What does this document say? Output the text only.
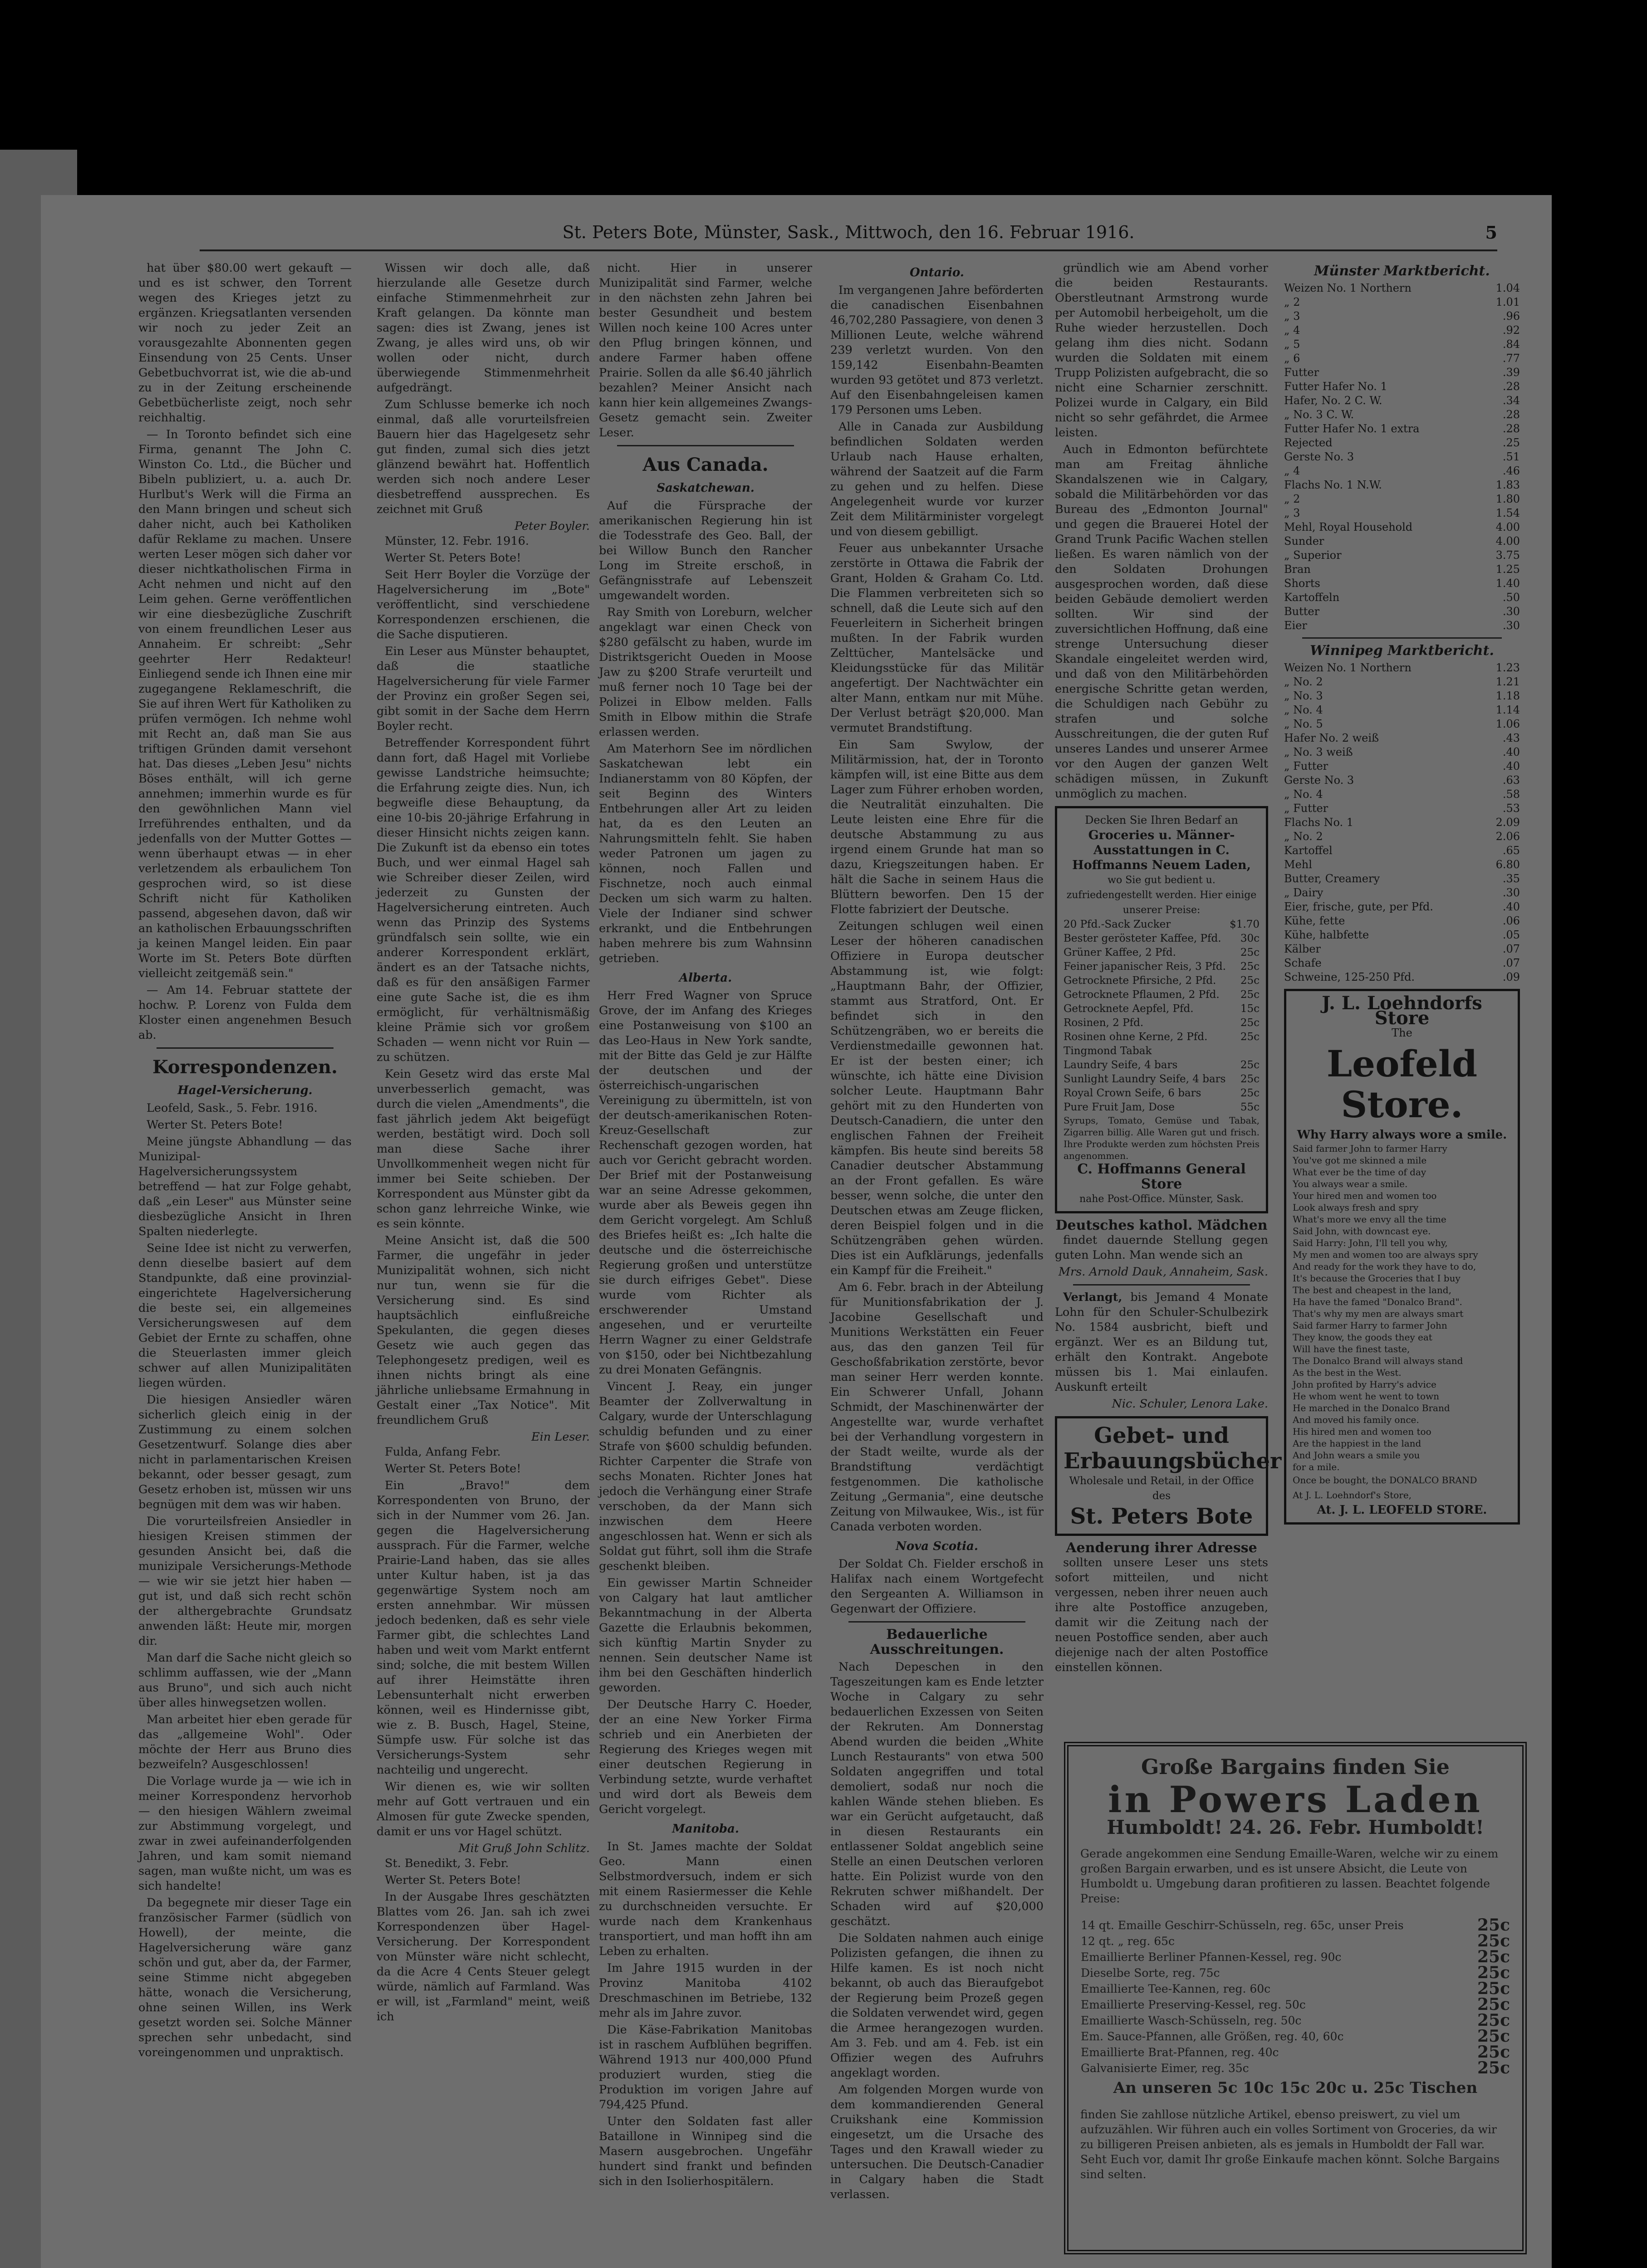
St. Peters Bote, Münster, Sask., Mittwoch, den 16. Februar 1916.	5

hat über $80.00 wert gekauft — und es ist schwer, den Torrent wegen des Krieges jetzt zu ergänzen. Kriegsatlanten versenden wir noch zu jeder Zeit an vorausgezahlte Abonnenten gegen Einsendung von 25 Cents. Unser Gebetbuchvorrat ist, wie die ab-und zu in der Zeitung erscheinende Gebetbücherliste zeigt, noch sehr reichhaltig.

— In Toronto befindet sich eine Firma, genannt The John C. Winston Co. Ltd., die Bücher und Bibeln publiziert, u. a. auch Dr. Hurlbut's Werk will die Firma an den Mann bringen und scheut sich daher nicht, auch bei Katholiken dafür Reklame zu machen. Unsere werten Leser mögen sich daher vor dieser nichtkatholischen Firma in Acht nehmen und nicht auf den Leim gehen. Gerne veröffentlichen wir eine diesbezügliche Zuschrift von einem freundlichen Leser aus Annaheim. Er schreibt: „Sehr geehrter Herr Redakteur! Einliegend sende ich Ihnen eine mir zugegangene Reklameschrift, die Sie auf ihren Wert für Katholiken zu prüfen vermögen. Ich nehme wohl mit Recht an, daß man Sie aus triftigen Gründen damit versehont hat. Das dieses „Leben Jesu" nichts Böses enthält, will ich gerne annehmen; immerhin wurde es für den gewöhnlichen Mann viel Irreführendes enthalten, und da jedenfalls von der Mutter Gottes — wenn überhaupt etwas — in eher verletzendem als erbaulichem Ton gesprochen wird, so ist diese Schrift nicht für Katholiken passend, abgesehen davon, daß wir an katholischen Erbauungsschriften ja keinen Mangel leiden. Ein paar Worte im St. Peters Bote dürften vielleicht zeitgemäß sein."

— Am 14. Februar stattete der hochw. P. Lorenz von Fulda dem Kloster einen angenehmen Besuch ab.

Korrespondenzen.
Hagel-Versicherung.

Leofeld, Sask., 5. Febr. 1916.

Werter St. Peters Bote!

Meine jüngste Abhandlung — das Munizipal-Hagelversicherungssystem betreffend — hat zur Folge gehabt, daß „ein Leser" aus Münster seine diesbezügliche Ansicht in Ihren Spalten niederlegte.

Seine Idee ist nicht zu verwerfen, denn dieselbe basiert auf dem Standpunkte, daß eine provinzial-eingerichtete Hagelversicherung die beste sei, ein allgemeines Versicherungswesen auf dem Gebiet der Ernte zu schaffen, ohne die Steuerlasten immer gleich schwer auf allen Munizipalitäten liegen würden.

Die hiesigen Ansiedler wären sicherlich gleich einig in der Zustimmung zu einem solchen Gesetzentwurf. Solange dies aber nicht in parlamentarischen Kreisen bekannt, oder besser gesagt, zum Gesetz erhoben ist, müssen wir uns begnügen mit dem was wir haben.

Die vorurteilsfreien Ansiedler in hiesigen Kreisen stimmen der gesunden Ansicht bei, daß die munizipale Versicherungs-Methode — wie wir sie jetzt hier haben — gut ist, und daß sich recht schön der althergebrachte Grundsatz anwenden läßt: Heute mir, morgen dir.

Man darf die Sache nicht gleich so schlimm auffassen, wie der „Mann aus Bruno", und sich auch nicht über alles hinwegsetzen wollen.

Man arbeitet hier eben gerade für das „allgemeine Wohl". Oder möchte der Herr aus Bruno dies bezweifeln? Ausgeschlossen!

Die Vorlage wurde ja — wie ich in meiner Korrespondenz hervorhob — den hiesigen Wählern zweimal zur Abstimmung vorgelegt, und zwar in zwei aufeinanderfolgenden Jahren, und kam somit niemand sagen, man wußte nicht, um was es sich handelte!

Da begegnete mir dieser Tage ein französischer Farmer (südlich von Howell), der meinte, die Hagelversicherung wäre ganz schön und gut, aber da, der Farmer, seine Stimme nicht abgegeben hätte, wonach die Versicherung, ohne seinen Willen, ins Werk gesetzt worden sei. Solche Männer sprechen sehr unbedacht, sind voreingenommen und unpraktisch.

Wissen wir doch alle, daß hierzulande alle Gesetze durch einfache Stimmenmehrheit zur Kraft gelangen. Da könnte man sagen: dies ist Zwang, jenes ist Zwang, je alles wird uns, ob wir wollen oder nicht, durch überwiegende Stimmenmehrheit aufgedrängt.

Zum Schlusse bemerke ich noch einmal, daß alle vorurteilsfreien Bauern hier das Hagelgesetz sehr gut finden, zumal sich dies jetzt glänzend bewährt hat. Hoffentlich werden sich noch andere Leser diesbetreffend aussprechen. Es zeichnet mit Gruß

Peter Boyler.

Münster, 12. Febr. 1916.

Werter St. Peters Bote!

Seit Herr Boyler die Vorzüge der Hagelversicherung im „Bote" veröffentlicht, sind verschiedene Korrespondenzen erschienen, die die Sache disputieren.

Ein Leser aus Münster behauptet, daß die staatliche Hagelversicherung für viele Farmer der Provinz ein großer Segen sei, gibt somit in der Sache dem Herrn Boyler recht.

Betreffender Korrespondent führt dann fort, daß Hagel mit Vorliebe gewisse Landstriche heimsuchte; die Erfahrung zeigte dies. Nun, ich begweifle diese Behauptung, da eine 10-bis 20-jährige Erfahrung in dieser Hinsicht nichts zeigen kann. Die Zukunft ist da ebenso ein totes Buch, und wer einmal Hagel sah wie Schreiber dieser Zeilen, wird jederzeit zu Gunsten der Hagelversicherung eintreten. Auch wenn das Prinzip des Systems gründfalsch sein sollte, wie ein anderer Korrespondent erklärt, ändert es an der Tatsache nichts, daß es für den ansäßigen Farmer eine gute Sache ist, die es ihm ermöglicht, für verhältnismäßig kleine Prämie sich vor großem Schaden — wenn nicht vor Ruin — zu schützen.

Kein Gesetz wird das erste Mal unverbesserlich gemacht, was durch die vielen „Amendments", die fast jährlich jedem Akt beigefügt werden, bestätigt wird. Doch soll man diese Sache ihrer Unvollkommenheit wegen nicht für immer bei Seite schieben. Der Korrespondent aus Münster gibt da schon ganz lehrreiche Winke, wie es sein könnte.

Meine Ansicht ist, daß die 500 Farmer, die ungefähr in jeder Munizipalität wohnen, sich nicht nur tun, wenn sie für die Versicherung sind. Es sind hauptsächlich einflußreiche Spekulanten, die gegen dieses Gesetz wie auch gegen das Telephongesetz predigen, weil es ihnen nichts bringt als eine jährliche unliebsame Ermahnung in Gestalt einer „Tax Notice". Mit freundlichem Gruß

Ein Leser.

Fulda, Anfang Febr.

Werter St. Peters Bote!

Ein „Bravo!" dem Korrespondenten von Bruno, der sich in der Nummer vom 26. Jan. gegen die Hagelversicherung aussprach. Für die Farmer, welche Prairie-Land haben, das sie alles unter Kultur haben, ist ja das gegenwärtige System noch am ersten annehmbar. Wir müssen jedoch bedenken, daß es sehr viele Farmer gibt, die schlechtes Land haben und weit vom Markt entfernt sind; solche, die mit bestem Willen auf ihrer Heimstätte ihren Lebensunterhalt nicht erwerben können, weil es Hindernisse gibt, wie z. B. Busch, Hagel, Steine, Sümpfe usw. Für solche ist das Versicherungs-System sehr nachteilig und ungerecht.

Wir dienen es, wie wir sollten mehr auf Gott vertrauen und ein Almosen für gute Zwecke spenden, damit er uns vor Hagel schützt.

Mit Gruß John Schlitz.

St. Benedikt, 3. Febr.

Werter St. Peters Bote!

In der Ausgabe Ihres geschätzten Blattes vom 26. Jan. sah ich zwei Korrespondenzen über Hagel-Versicherung. Der Korrespondent von Münster wäre nicht schlecht, da die Acre 4 Cents Steuer gelegt würde, nämlich auf Farmland. Was er will, ist „Farmland" meint, weiß ich

nicht. Hier in unserer Munizipalität sind Farmer, welche in den nächsten zehn Jahren bei bester Gesundheit und bestem Willen noch keine 100 Acres unter den Pflug bringen können, und andere Farmer haben offene Prairie. Sollen da alle $6.40 jährlich bezahlen? Meiner Ansicht nach kann hier kein allgemeines Zwangs-Gesetz gemacht sein. Zweiter Leser.

Aus Canada.
Saskatchewan.

Auf die Fürsprache der amerikanischen Regierung hin ist die Todesstrafe des Geo. Ball, der bei Willow Bunch den Rancher Long im Streite erschoß, in Gefängnisstrafe auf Lebenszeit umgewandelt worden.

Ray Smith von Loreburn, welcher angeklagt war einen Check von $280 gefälscht zu haben, wurde im Distriktsgericht Oueden in Moose Jaw zu $200 Strafe verurteilt und muß ferner noch 10 Tage bei der Polizei in Elbow melden. Falls Smith in Elbow mithin die Strafe erlassen werden.

Am Materhorn See im nördlichen Saskatchewan lebt ein Indianerstamm von 80 Köpfen, der seit Beginn des Winters Entbehrungen aller Art zu leiden hat, da es den Leuten an Nahrungsmitteln fehlt. Sie haben weder Patronen um jagen zu können, noch Fallen und Fischnetze, noch auch einmal Decken um sich warm zu halten. Viele der Indianer sind schwer erkrankt, und die Entbehrungen haben mehrere bis zum Wahnsinn getrieben.

Alberta.

Herr Fred Wagner von Spruce Grove, der im Anfang des Krieges eine Postanweisung von $100 an das Leo-Haus in New York sandte, mit der Bitte das Geld je zur Hälfte der deutschen und der österreichisch-ungarischen Vereinigung zu übermitteln, ist von der deutsch-amerikanischen Roten-Kreuz-Gesellschaft zur Rechenschaft gezogen worden, hat auch vor Gericht gebracht worden. Der Brief mit der Postanweisung war an seine Adresse gekommen, wurde aber als Beweis gegen ihn dem Gericht vorgelegt. Am Schluß des Briefes heißt es: „Ich halte die deutsche und die österreichische Regierung großen und unterstütze sie durch eifriges Gebet". Diese wurde vom Richter als erschwerender Umstand angesehen, und er verurteilte Herrn Wagner zu einer Geldstrafe von $150, oder bei Nichtbezahlung zu drei Monaten Gefängnis.

Vincent J. Reay, ein junger Beamter der Zollverwaltung in Calgary, wurde der Unterschlagung schuldig befunden und zu einer Strafe von $600 schuldig befunden. Richter Carpenter die Strafe von sechs Monaten. Richter Jones hat jedoch die Verhängung einer Strafe verschoben, da der Mann sich inzwischen dem Heere angeschlossen hat. Wenn er sich als Soldat gut führt, soll ihm die Strafe geschenkt bleiben.

Ein gewisser Martin Schneider von Calgary hat laut amtlicher Bekanntmachung in der Alberta Gazette die Erlaubnis bekommen, sich künftig Martin Snyder zu nennen. Sein deutscher Name ist ihm bei den Geschäften hinderlich geworden.

Der Deutsche Harry C. Hoeder, der an eine New Yorker Firma schrieb und ein Anerbieten der Regierung des Krieges wegen mit einer deutschen Regierung in Verbindung setzte, wurde verhaftet und wird dort als Beweis dem Gericht vorgelegt.

Manitoba.

In St. James machte der Soldat Geo. Mann einen Selbstmordversuch, indem er sich mit einem Rasiermesser die Kehle zu durchschneiden versuchte. Er wurde nach dem Krankenhaus transportiert, und man hofft ihn am Leben zu erhalten.

Im Jahre 1915 wurden in der Provinz Manitoba 4102 Dreschmaschinen im Betriebe, 132 mehr als im Jahre zuvor.

Die Käse-Fabrikation Manitobas ist in raschem Aufblühen begriffen. Während 1913 nur 400,000 Pfund produziert wurden, stieg die Produktion im vorigen Jahre auf 794,425 Pfund.

Unter den Soldaten fast aller Bataillone in Winnipeg sind die Masern ausgebrochen. Ungefähr hundert sind frankt und befinden sich in den Isolierhospitälern.

Ontario.

Im vergangenen Jahre beförderten die canadischen Eisenbahnen 46,702,280 Passagiere, von denen 3 Millionen Leute, welche während 239 verletzt wurden. Von den 159,142 Eisenbahn-Beamten wurden 93 getötet und 873 verletzt. Auf den Eisenbahngeleisen kamen 179 Personen ums Leben.

Alle in Canada zur Ausbildung befindlichen Soldaten werden Urlaub nach Hause erhalten, während der Saatzeit auf die Farm zu gehen und zu helfen. Diese Angelegenheit wurde vor kurzer Zeit dem Militärminister vorgelegt und von diesem gebilligt.

Feuer aus unbekannter Ursache zerstörte in Ottawa die Fabrik der Grant, Holden & Graham Co. Ltd. Die Flammen verbreiteten sich so schnell, daß die Leute sich auf den Feuerleitern in Sicherheit bringen mußten. In der Fabrik wurden Zelttücher, Mantelsäcke und Kleidungsstücke für das Militär angefertigt. Der Nachtwächter ein alter Mann, entkam nur mit Mühe. Der Verlust beträgt $20,000. Man vermutet Brandstiftung.

Ein Sam Swylow, der Militärmission, hat, der in Toronto kämpfen will, ist eine Bitte aus dem Lager zum Führer erhoben worden, die Neutralität einzuhalten. Die Leute leisten eine Ehre für die deutsche Abstammung zu aus irgend einem Grunde hat man so dazu, Kriegszeitungen haben. Er hält die Sache in seinem Haus die Blüttern beworfen. Den 15 der Flotte fabriziert der Deutsche.

Zeitungen schlugen weil einen Leser der höheren canadischen Offiziere in Europa deutscher Abstammung ist, wie folgt: „Hauptmann Bahr, der Offizier, stammt aus Stratford, Ont. Er befindet sich in den Schützengräben, wo er bereits die Verdienstmedaille gewonnen hat. Er ist der besten einer; ich wünschte, ich hätte eine Division solcher Leute. Hauptmann Bahr gehört mit zu den Hunderten von Deutsch-Canadiern, die unter den englischen Fahnen der Freiheit kämpfen. Bis heute sind bereits 58 Canadier deutscher Abstammung an der Front gefallen. Es wäre besser, wenn solche, die unter den Deutschen etwas am Zeuge flicken, deren Beispiel folgen und in die Schützengräben gehen würden. Dies ist ein Aufklärungs, jedenfalls ein Kampf für die Freiheit."

Am 6. Febr. brach in der Abteilung für Munitionsfabrikation der J. Jacobine Gesellschaft und Munitions Werkstätten ein Feuer aus, das den ganzen Teil für Geschoßfabrikation zerstörte, bevor man seiner Herr werden konnte. Ein Schwerer Unfall, Johann Schmidt, der Maschinenwärter der Angestellte war, wurde verhaftet bei der Verhandlung vorgestern in der Stadt weilte, wurde als der Brandstiftung verdächtigt festgenommen. Die katholische Zeitung „Germania", eine deutsche Zeitung von Milwaukee, Wis., ist für Canada verboten worden.

Nova Scotia.

Der Soldat Ch. Fielder erschoß in Halifax nach einem Wortgefecht den Sergeanten A. Williamson in Gegenwart der Offiziere.

Bedauerliche Ausschreitungen.

Nach Depeschen in den Tageszeitungen kam es Ende letzter Woche in Calgary zu sehr bedauerlichen Exzessen von Seiten der Rekruten. Am Donnerstag Abend wurden die beiden „White Lunch Restaurants" von etwa 500 Soldaten angegriffen und total demoliert, sodaß nur noch die kahlen Wände stehen blieben. Es war ein Gerücht aufgetaucht, daß in diesen Restaurants ein entlassener Soldat angeblich seine Stelle an einen Deutschen verloren hatte. Ein Polizist wurde von den Rekruten schwer mißhandelt. Der Schaden wird auf $20,000 geschätzt.

Die Soldaten nahmen auch einige Polizisten gefangen, die ihnen zu Hilfe kamen. Es ist noch nicht bekannt, ob auch das Bieraufgebot der Regierung beim Prozeß gegen die Soldaten verwendet wird, gegen die Armee herangezogen wurden. Am 3. Feb. und am 4. Feb. ist ein Offizier wegen des Aufruhrs angeklagt worden.

Am folgenden Morgen wurde von dem kommandierenden General Cruikshank eine Kommission eingesetzt, um die Ursache des Tages und den Krawall wieder zu untersuchen. Die Deutsch-Canadier in Calgary haben die Stadt verlassen.

gründlich wie am Abend vorher die beiden Restaurants. Oberstleutnant Armstrong wurde per Automobil herbeigeholt, um die Ruhe wieder herzustellen. Doch gelang ihm dies nicht. Sodann wurden die Soldaten mit einem Trupp Polizisten aufgebracht, die so nicht eine Scharnier zerschnitt. Polizei wurde in Calgary, ein Bild nicht so sehr gefährdet, die Armee leisten.

Auch in Edmonton befürchtete man am Freitag ähnliche Skandalszenen wie in Calgary, sobald die Militärbehörden vor das Bureau des „Edmonton Journal" und gegen die Brauerei Hotel der Grand Trunk Pacific Wachen stellen ließen. Es waren nämlich von der den Soldaten Drohungen ausgesprochen worden, daß diese beiden Gebäude demoliert werden sollten. Wir sind der zuversichtlichen Hoffnung, daß eine strenge Untersuchung dieser Skandale eingeleitet werden wird, und daß von den Militärbehörden energische Schritte getan werden, die Schuldigen nach Gebühr zu strafen und solche Ausschreitungen, die der guten Ruf unseres Landes und unserer Armee vor den Augen der ganzen Welt schädigen müssen, in Zukunft unmöglich zu machen.

Decken Sie Ihren Bedarf an
Groceries u. Männer-Ausstattungen in C. Hoffmanns Neuem Laden,
wo Sie gut bedient u. zufriedengestellt werden. Hier einige unserer Preise:
20 Pfd.-Sack Zucker	$1.70
Bester gerösteter Kaffee, Pfd.	30c
Grüner Kaffee, 2 Pfd.	25c
Feiner japanischer Reis, 3 Pfd.	25c
Getrocknete Pfirsiche, 2 Pfd.	25c
Getrocknete Pflaumen, 2 Pfd.	25c
Getrocknete Aepfel, Pfd.	15c
Rosinen, 2 Pfd.	25c
Rosinen ohne Kerne, 2 Pfd.	25c
Tingmond Tabak	
Laundry Seife, 4 bars	25c
Sunlight Laundry Seife, 4 bars	25c
Royal Crown Seife, 6 bars	25c
Pure Fruit Jam, Dose	55c
Syrups, Tomato, Gemüse und Tabak, Zigarren billig. Alle Waren gut und frisch. Ihre Produkte werden zum höchsten Preis angenommen.
C. Hoffmanns General Store
nahe Post-Office. Münster, Sask.
Deutsches kathol. Mädchen

findet dauernde Stellung gegen guten Lohn. Man wende sich an

Mrs. Arnold Dauk, Annaheim, Sask.

Verlangt, bis Jemand 4 Monate Lohn für den Schuler-Schulbezirk No. 1584 ausbricht, bieft und ergänzt. Wer es an Bildung tut, erhält den Kontrakt. Angebote müssen bis 1. Mai einlaufen. Auskunft erteilt

Nic. Schuler, Lenora Lake.
Gebet- und Erbauungsbücher
Wholesale und Retail, in der Office des
St. Peters Bote
Aenderung ihrer Adresse

sollten unsere Leser uns stets sofort mitteilen, und nicht vergessen, neben ihrer neuen auch ihre alte Postoffice anzugeben, damit wir die Zeitung nach der neuen Postoffice senden, aber auch diejenige nach der alten Postoffice einstellen können.

Münster Marktbericht.
Weizen No. 1 Northern	1.04
„ 2	1.01
„ 3	.96
„ 4	.92
„ 5	.84
„ 6	.77
Futter	.39
Futter Hafer No. 1	.28
Hafer, No. 2 C. W.	.34
„ No. 3 C. W.	.28
Futter Hafer No. 1 extra	.28
Rejected	.25
Gerste No. 3	.51
„ 4	.46
Flachs No. 1 N.W.	1.83
„ 2	1.80
„ 3	1.54
Mehl, Royal Household	4.00
Sunder	4.00
„ Superior	3.75
Bran	1.25
Shorts	1.40
Kartoffeln	.50
Butter	.30
Eier	.30
Winnipeg Marktbericht.
Weizen No. 1 Northern	1.23
„ No. 2	1.21
„ No. 3	1.18
„ No. 4	1.14
„ No. 5	1.06
Hafer No. 2 weiß	.43
„ No. 3 weiß	.40
„ Futter	.40
Gerste No. 3	.63
„ No. 4	.58
„ Futter	.53
Flachs No. 1	2.09
„ No. 2	2.06
Kartoffel	.65
Mehl	6.80
Butter, Creamery	.35
„ Dairy	.30
Eier, frische, gute, per Pfd.	.40
Kühe, fette	.06
Kühe, halbfette	.05
Kälber	.07
Schafe	.07
Schweine, 125-250 Pfd.	.09
J. L. Loehndorfs Store
The
Leofeld Store.
Why Harry always wore a smile.
Said farmer John to farmer Harry
You've got me skinned a mile
What ever be the time of day
You always wear a smile.
Your hired men and women too
Look always fresh and spry
What's more we envy all the time
Said John, with downcast eye.
Said Harry: John, I'll tell you why,
My men and women too are always spry
And ready for the work they have to do,
It's because the Groceries that I buy
The best and cheapest in the land,
Ha have the famed "Donalco Brand".
That's why my men are always smart
Said farmer Harry to farmer John
They know, the goods they eat
Will have the finest taste,
The Donalco Brand will always stand
As the best in the West.
John profited by Harry's advice
He whom went he went to town
He marched in the Donalco Brand
And moved his family once.
His hired men and women too
Are the happiest in the land
And John wears a smile you
for a mile.
Once be bought, the DONALCO BRAND
At J. L. Loehndorf's Store,
At. J. L. LEOFELD STORE.
Große Bargains finden Sie
in Powers Laden
Humboldt! 24. 26. Febr. Humboldt!

Gerade angekommen eine Sendung Emaille-Waren, welche wir zu einem großen Bargain erwarben, und es ist unsere Absicht, die Leute von Humboldt u. Umgebung daran profitieren zu lassen. Beachtet folgende Preise:

14 qt. Emaille Geschirr-Schüsseln, reg. 65c, unser Preis	25c
12 qt. „ reg. 65c	25c
Emaillierte Berliner Pfannen-Kessel, reg. 90c	25c
Dieselbe Sorte, reg. 75c	25c
Emaillierte Tee-Kannen, reg. 60c	25c
Emaillierte Preserving-Kessel, reg. 50c	25c
Emaillierte Wasch-Schüsseln, reg. 50c	25c
Em. Sauce-Pfannen, alle Größen, reg. 40, 60c	25c
Emaillierte Brat-Pfannen, reg. 40c	25c
Galvanisierte Eimer, reg. 35c	25c
An unseren 5c 10c 15c 20c u. 25c Tischen

finden Sie zahllose nützliche Artikel, ebenso preiswert, zu viel um aufzuzählen. Wir führen auch ein volles Sortiment von Groceries, da wir zu billigeren Preisen anbieten, als es jemals in Humboldt der Fall war. Seht Euch vor, damit Ihr große Einkaufe machen könnt. Solche Bargains sind selten.
